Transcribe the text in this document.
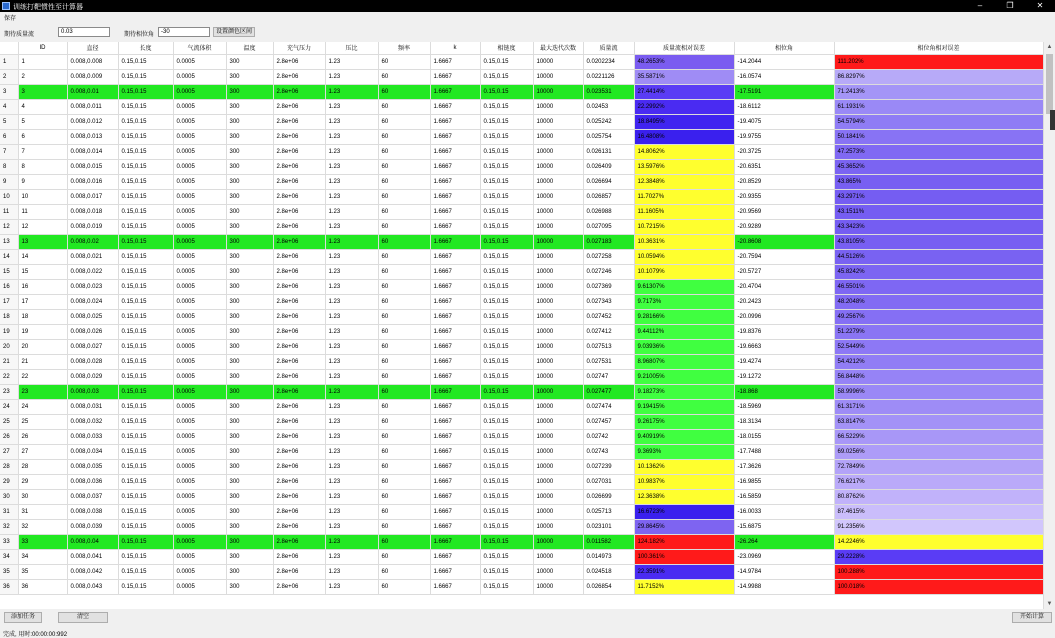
训练打靶惯性至计算器	–	❐	✕
保存
期待质量流	0.03	期待相位角	-30	设置颜色区间
	ID	直径	长度	气流体积	温度	充气压力	压比	频率	k	相链度	最大迭代次数	质量流	质量流相对误差	相位角	相位角相对误差
1	1	0.008,0.008	0.15,0.15	0.0005	300	2.8e+06	1.23	60	1.6667	0.15,0.15	10000	0.0202234	48.2653%	-14.2044	111.202%
2	2	0.008,0.009	0.15,0.15	0.0005	300	2.8e+06	1.23	60	1.6667	0.15,0.15	10000	0.0221126	35.5871%	-16.0574	86.8297%
3	3	0.008,0.01	0.15,0.15	0.0005	300	2.8e+06	1.23	60	1.6667	0.15,0.15	10000	0.023531	27.4414%	-17.5191	71.2413%
4	4	0.008,0.011	0.15,0.15	0.0005	300	2.8e+06	1.23	60	1.6667	0.15,0.15	10000	0.02453	22.2992%	-18.6112	61.1931%
5	5	0.008,0.012	0.15,0.15	0.0005	300	2.8e+06	1.23	60	1.6667	0.15,0.15	10000	0.025242	18.8495%	-19.4075	54.5794%
6	6	0.008,0.013	0.15,0.15	0.0005	300	2.8e+06	1.23	60	1.6667	0.15,0.15	10000	0.025754	16.4808%	-19.9755	50.1841%
7	7	0.008,0.014	0.15,0.15	0.0005	300	2.8e+06	1.23	60	1.6667	0.15,0.15	10000	0.026131	14.8062%	-20.3725	47.2573%
8	8	0.008,0.015	0.15,0.15	0.0005	300	2.8e+06	1.23	60	1.6667	0.15,0.15	10000	0.026409	13.5976%	-20.6351	45.3652%
9	9	0.008,0.016	0.15,0.15	0.0005	300	2.8e+06	1.23	60	1.6667	0.15,0.15	10000	0.026694	12.3848%	-20.8529	43.865%
10	10	0.008,0.017	0.15,0.15	0.0005	300	2.8e+06	1.23	60	1.6667	0.15,0.15	10000	0.026857	11.7027%	-20.9355	43.2971%
11	11	0.008,0.018	0.15,0.15	0.0005	300	2.8e+06	1.23	60	1.6667	0.15,0.15	10000	0.026988	11.1605%	-20.9569	43.1511%
12	12	0.008,0.019	0.15,0.15	0.0005	300	2.8e+06	1.23	60	1.6667	0.15,0.15	10000	0.027095	10.7215%	-20.9289	43.3423%
13	13	0.008,0.02	0.15,0.15	0.0005	300	2.8e+06	1.23	60	1.6667	0.15,0.15	10000	0.027183	10.3631%	-20.8608	43.8105%
14	14	0.008,0.021	0.15,0.15	0.0005	300	2.8e+06	1.23	60	1.6667	0.15,0.15	10000	0.027258	10.0594%	-20.7594	44.5126%
15	15	0.008,0.022	0.15,0.15	0.0005	300	2.8e+06	1.23	60	1.6667	0.15,0.15	10000	0.027246	10.1079%	-20.5727	45.8242%
16	16	0.008,0.023	0.15,0.15	0.0005	300	2.8e+06	1.23	60	1.6667	0.15,0.15	10000	0.027369	9.61307%	-20.4704	46.5501%
17	17	0.008,0.024	0.15,0.15	0.0005	300	2.8e+06	1.23	60	1.6667	0.15,0.15	10000	0.027343	9.7173%	-20.2423	48.2048%
18	18	0.008,0.025	0.15,0.15	0.0005	300	2.8e+06	1.23	60	1.6667	0.15,0.15	10000	0.027452	9.28166%	-20.0996	49.2567%
19	19	0.008,0.026	0.15,0.15	0.0005	300	2.8e+06	1.23	60	1.6667	0.15,0.15	10000	0.027412	9.44112%	-19.8376	51.2279%
20	20	0.008,0.027	0.15,0.15	0.0005	300	2.8e+06	1.23	60	1.6667	0.15,0.15	10000	0.027513	9.03936%	-19.6663	52.5449%
21	21	0.008,0.028	0.15,0.15	0.0005	300	2.8e+06	1.23	60	1.6667	0.15,0.15	10000	0.027531	8.96807%	-19.4274	54.4212%
22	22	0.008,0.029	0.15,0.15	0.0005	300	2.8e+06	1.23	60	1.6667	0.15,0.15	10000	0.02747	9.21005%	-19.1272	56.8448%
23	23	0.008,0.03	0.15,0.15	0.0005	300	2.8e+06	1.23	60	1.6667	0.15,0.15	10000	0.027477	9.18273%	-18.868	58.9996%
24	24	0.008,0.031	0.15,0.15	0.0005	300	2.8e+06	1.23	60	1.6667	0.15,0.15	10000	0.027474	9.19415%	-18.5969	61.3171%
25	25	0.008,0.032	0.15,0.15	0.0005	300	2.8e+06	1.23	60	1.6667	0.15,0.15	10000	0.027457	9.26175%	-18.3134	63.8147%
26	26	0.008,0.033	0.15,0.15	0.0005	300	2.8e+06	1.23	60	1.6667	0.15,0.15	10000	0.02742	9.40919%	-18.0155	66.5229%
27	27	0.008,0.034	0.15,0.15	0.0005	300	2.8e+06	1.23	60	1.6667	0.15,0.15	10000	0.02743	9.3693%	-17.7488	69.0256%
28	28	0.008,0.035	0.15,0.15	0.0005	300	2.8e+06	1.23	60	1.6667	0.15,0.15	10000	0.027239	10.1362%	-17.3626	72.7849%
29	29	0.008,0.036	0.15,0.15	0.0005	300	2.8e+06	1.23	60	1.6667	0.15,0.15	10000	0.027031	10.9837%	-16.9855	76.6217%
30	30	0.008,0.037	0.15,0.15	0.0005	300	2.8e+06	1.23	60	1.6667	0.15,0.15	10000	0.026699	12.3638%	-16.5859	80.8762%
31	31	0.008,0.038	0.15,0.15	0.0005	300	2.8e+06	1.23	60	1.6667	0.15,0.15	10000	0.025713	16.6723%	-16.0033	87.4615%
32	32	0.008,0.039	0.15,0.15	0.0005	300	2.8e+06	1.23	60	1.6667	0.15,0.15	10000	0.023101	29.8645%	-15.6875	91.2356%
33	33	0.008,0.04	0.15,0.15	0.0005	300	2.8e+06	1.23	60	1.6667	0.15,0.15	10000	0.011582	124.182%	-26.264	14.2246%
34	34	0.008,0.041	0.15,0.15	0.0005	300	2.8e+06	1.23	60	1.6667	0.15,0.15	10000	0.014973	100.361%	-23.0969	29.2228%
35	35	0.008,0.042	0.15,0.15	0.0005	300	2.8e+06	1.23	60	1.6667	0.15,0.15	10000	0.024518	22.3591%	-14.9784	100.288%
36	36	0.008,0.043	0.15,0.15	0.0005	300	2.8e+06	1.23	60	1.6667	0.15,0.15	10000	0.026854	11.7152%	-14.9988	100.018%
▲
▼
添加任务	清空	开始计算
完成, 用时:00:00:00:992
